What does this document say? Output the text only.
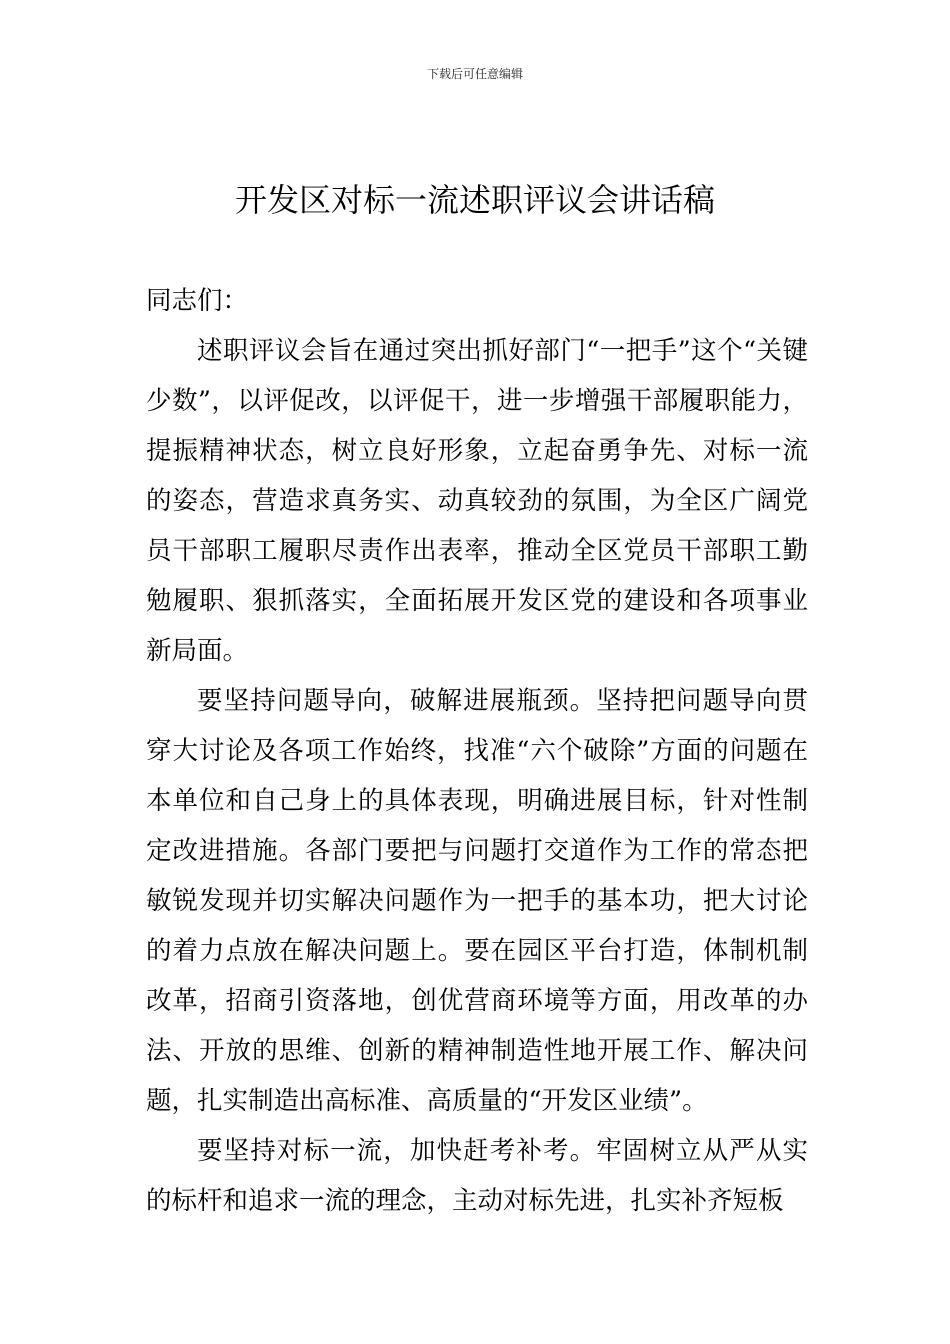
下载后可任意编辑
开发区对标一流述职评议会讲话稿

同志们：

述职评议会旨在通过突出抓好部门“一把手”这个“关键少数”，以评促改，以评促干，进一步增强干部履职能力，提振精神状态，树立良好形象，立起奋勇争先、对标一流的姿态，营造求真务实、动真较劲的氛围，为全区广阔党员干部职工履职尽责作出表率，推动全区党员干部职工勤勉履职、狠抓落实，全面拓展开发区党的建设和各项事业新局面。

要坚持问题导向，破解进展瓶颈。坚持把问题导向贯穿大讨论及各项工作始终，找准“六个破除”方面的问题在本单位和自己身上的具体表现，明确进展目标，针对性制定改进措施。各部门要把与问题打交道作为工作的常态把敏锐发现并切实解决问题作为一把手的基本功，把大讨论的着力点放在解决问题上。要在园区平台打造，体制机制改革，招商引资落地，创优营商环境等方面，用改革的办法、开放的思维、创新的精神制造性地开展工作、解决问题，扎实制造出高标准、高质量的“开发区业绩”。

要坚持对标一流，加快赶考补考。牢固树立从严从实的标杆和追求一流的理念，主动对标先进，扎实补齐短板
